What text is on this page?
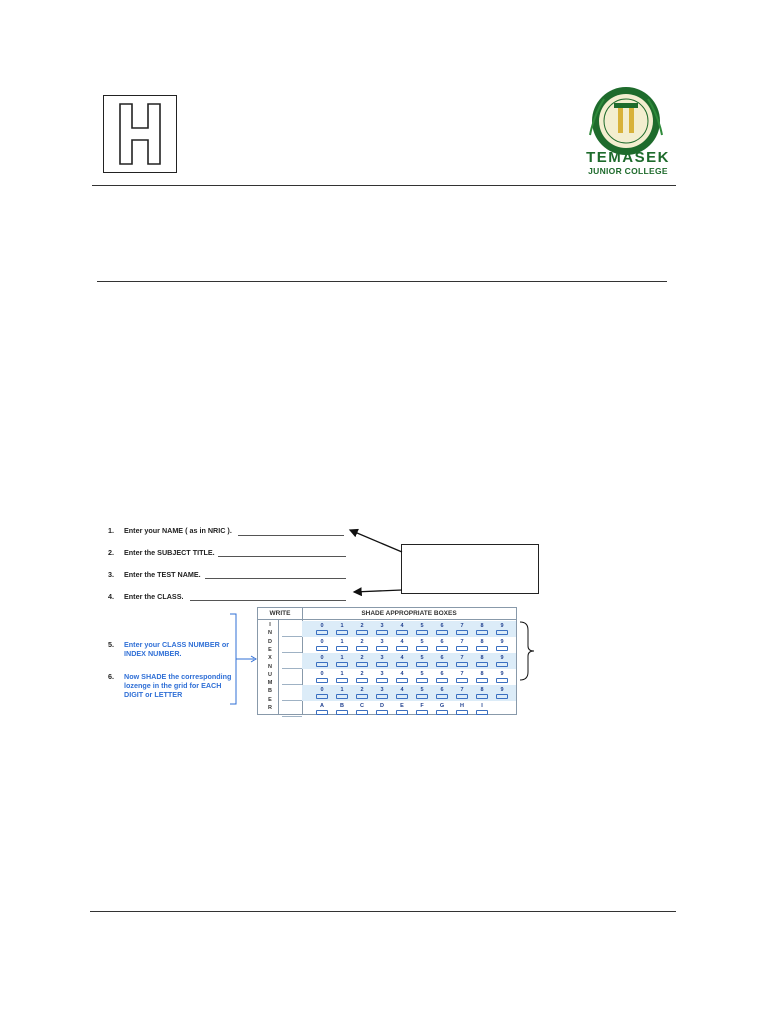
TEMASEK
JUNIOR COLLEGE
1. Enter your NAME ( as in NRIC ).
2. Enter the SUBJECT TITLE.
3. Enter the TEST NAME.
4. Enter the CLASS.
5. Enter your CLASS NUMBER or INDEX NUMBER.
6. Now SHADE the corresponding lozenge in the grid for EACH DIGIT or LETTER
WRITE	SHADE APPROPRIATE BOXES
I
N
D
E
X
N
U
M
B
E
R
0	1	2	3	4	5	6	7	8	9
0	1	2	3	4	5	6	7	8	9
0	1	2	3	4	5	6	7	8	9
0	1	2	3	4	5	6	7	8	9
0	1	2	3	4	5	6	7	8	9
A	B	C	D	E	F	G	H	I
